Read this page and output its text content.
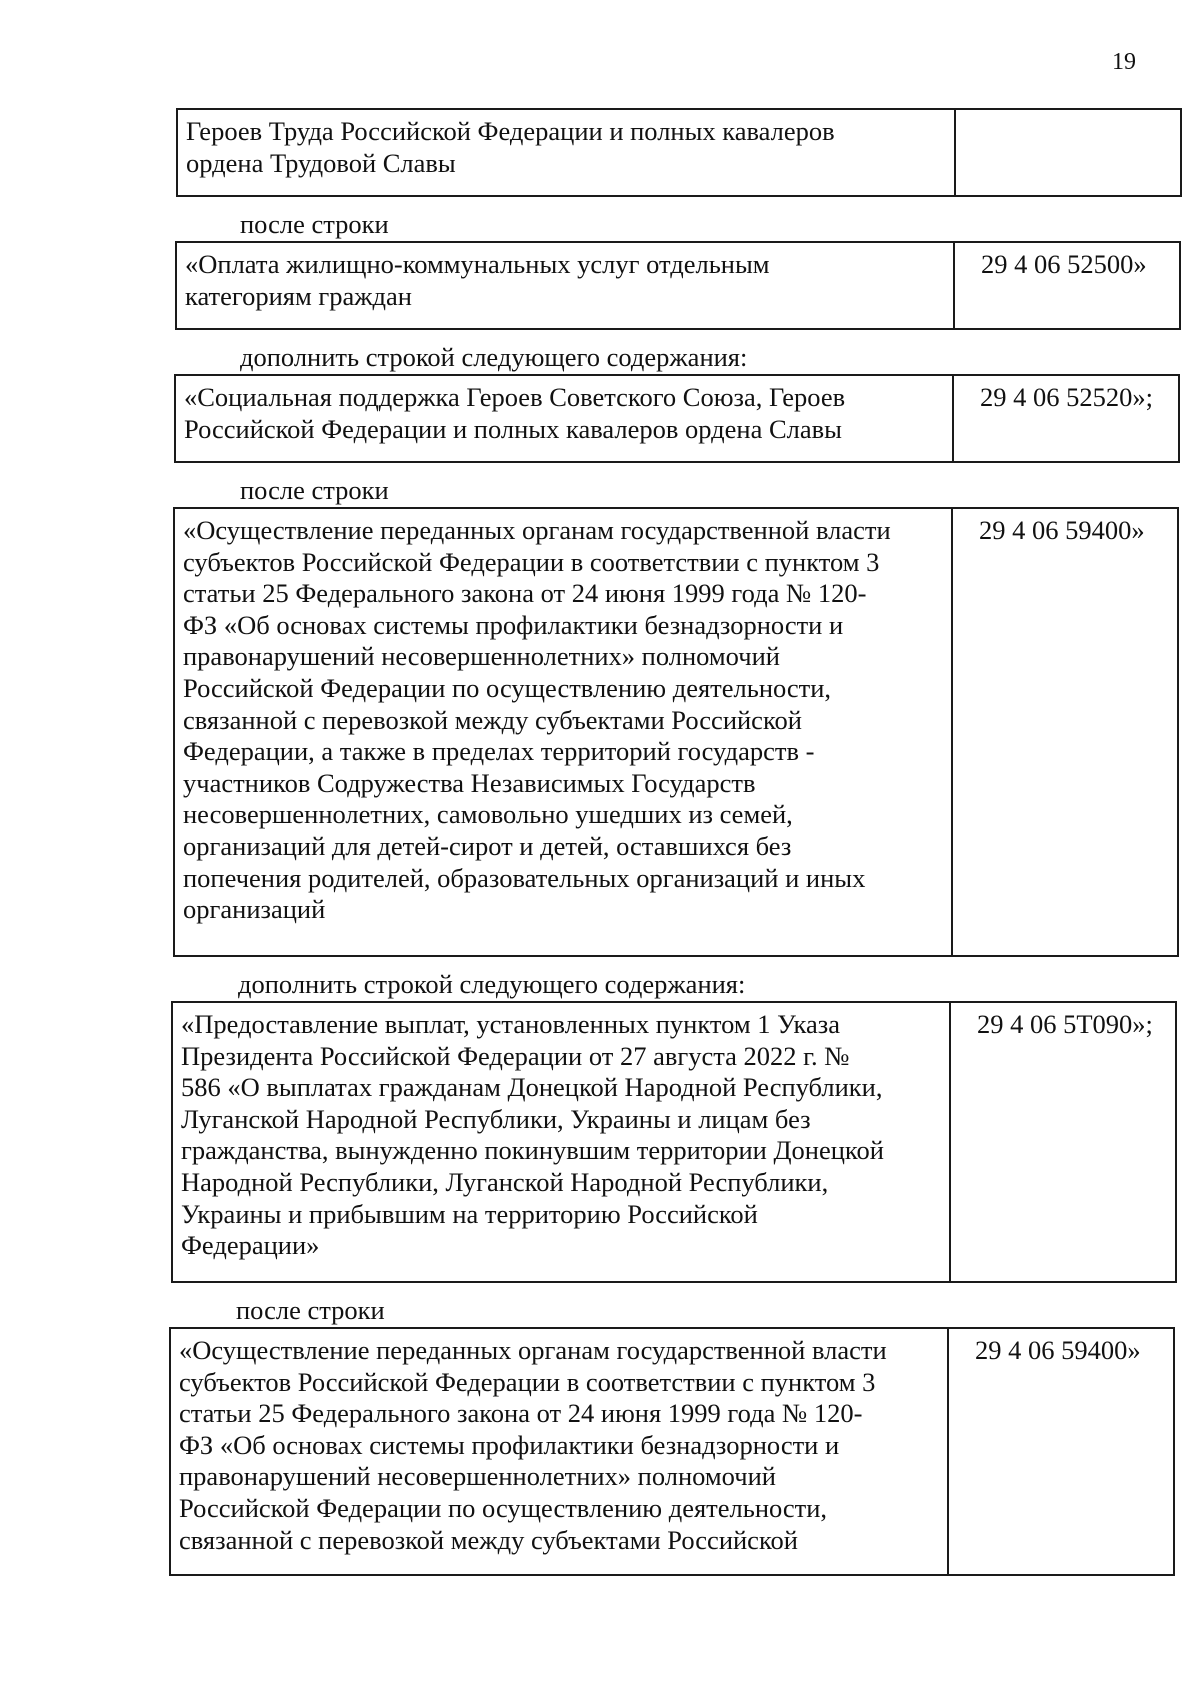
19
Героев Труда Российской Федерации и полных кавалеров
ордена Трудовой Славы
после строки
«Оплата жилищно-коммунальных услуг отдельным
категориям граждан
29 4 06 52500»
дополнить строкой следующего содержания:
«Социальная поддержка Героев Советского Союза, Героев
Российской Федерации и полных кавалеров ордена Славы
29 4 06 52520»;
после строки
«Осуществление переданных органам государственной власти
субъектов Российской Федерации в соответствии с пунктом 3
статьи 25 Федерального закона от 24 июня 1999 года № 120-
ФЗ «Об основах системы профилактики безнадзорности и
правонарушений несовершеннолетних» полномочий
Российской Федерации по осуществлению деятельности,
связанной с перевозкой между субъектами Российской
Федерации, а также в пределах территорий государств -
участников Содружества Независимых Государств
несовершеннолетних, самовольно ушедших из семей,
организаций для детей-сирот и детей, оставшихся без
попечения родителей, образовательных организаций и иных
организаций
29 4 06 59400»
дополнить строкой следующего содержания:
«Предоставление выплат, установленных пунктом 1 Указа
Президента Российской Федерации от 27 августа 2022 г. №
586 «О выплатах гражданам Донецкой Народной Республики,
Луганской Народной Республики, Украины и лицам без
гражданства, вынужденно покинувшим территории Донецкой
Народной Республики, Луганской Народной Республики,
Украины и прибывшим на территорию Российской
Федерации»
29 4 06 5Т090»;
после строки
«Осуществление переданных органам государственной власти
субъектов Российской Федерации в соответствии с пунктом 3
статьи 25 Федерального закона от 24 июня 1999 года № 120-
ФЗ «Об основах системы профилактики безнадзорности и
правонарушений несовершеннолетних» полномочий
Российской Федерации по осуществлению деятельности,
связанной с перевозкой между субъектами Российской
29 4 06 59400»
